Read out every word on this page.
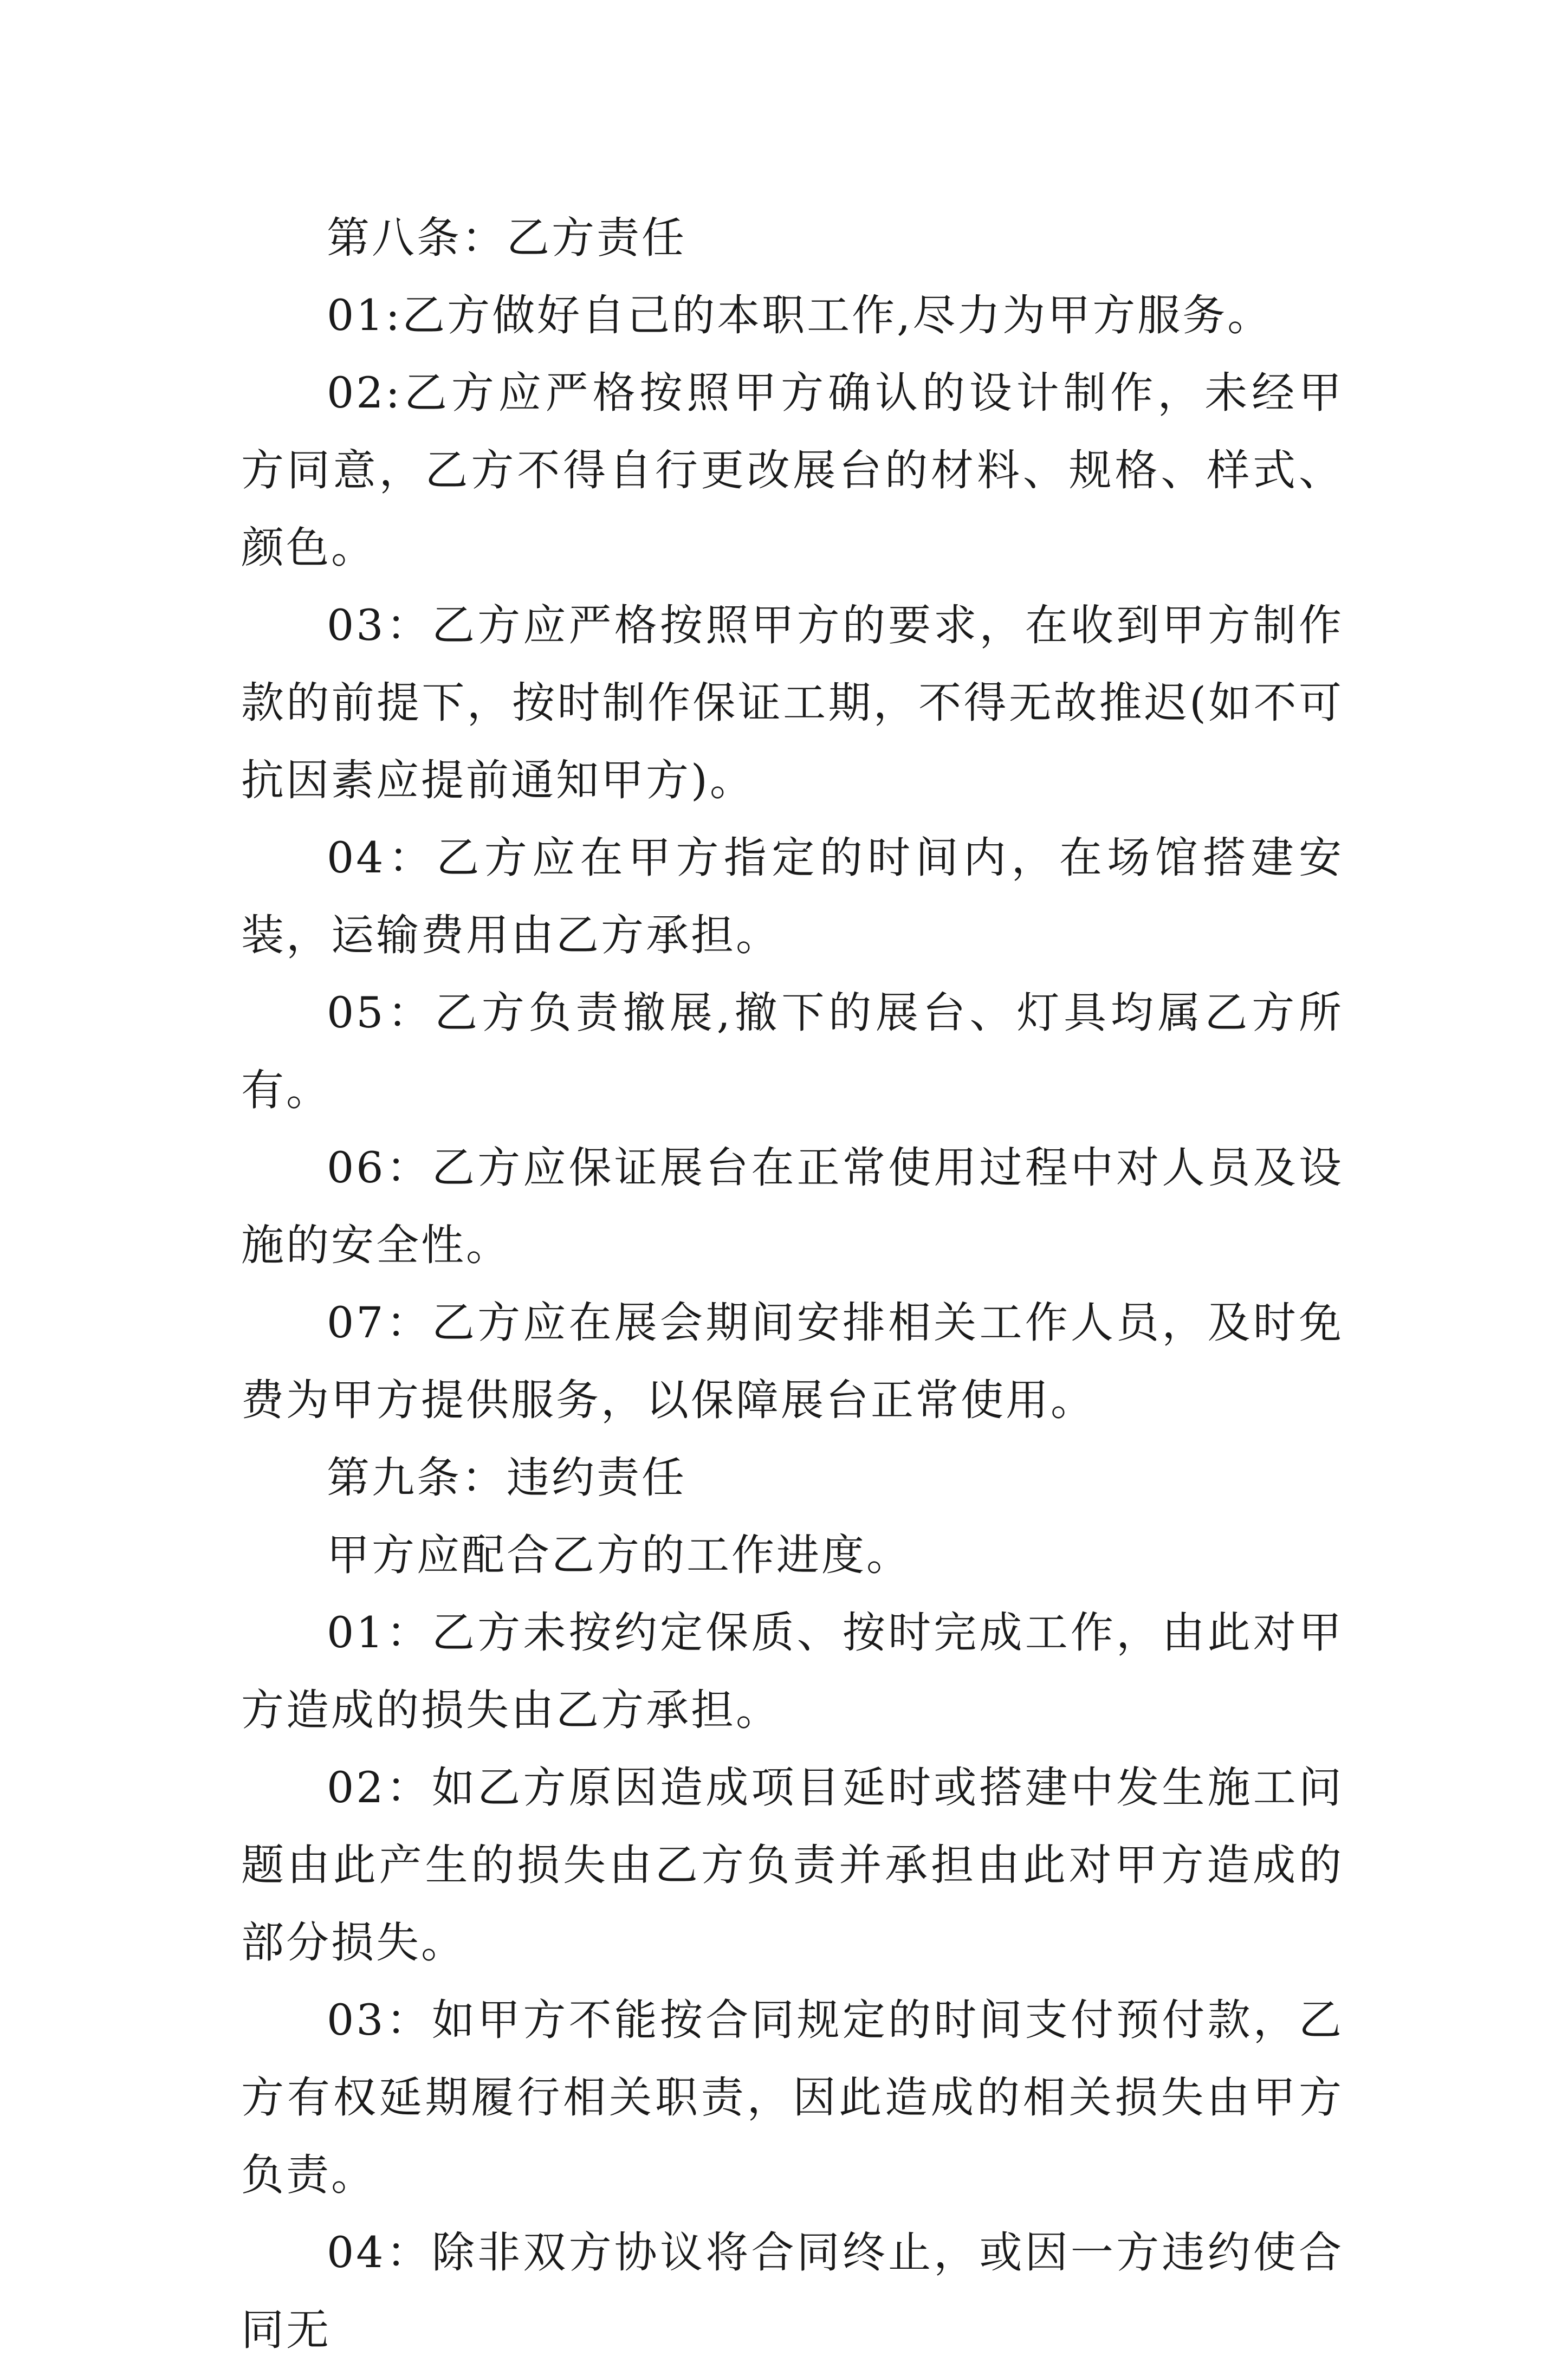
第八条：乙方责任

01:乙方做好自己的本职工作,尽力为甲方服务。

02:乙方应严格按照甲方确认的设计制作，未经甲方同意，乙方不得自行更改展台的材料、规格、样式、颜色。

03：乙方应严格按照甲方的要求，在收到甲方制作款的前提下，按时制作保证工期，不得无故推迟(如不可抗因素应提前通知甲方)。

04：乙方应在甲方指定的时间内，在场馆搭建安装，运输费用由乙方承担。

05：乙方负责撤展,撤下的展台、灯具均属乙方所有。

06：乙方应保证展台在正常使用过程中对人员及设施的安全性。

07：乙方应在展会期间安排相关工作人员，及时免费为甲方提供服务，以保障展台正常使用。

第九条：违约责任

甲方应配合乙方的工作进度。

01：乙方未按约定保质、按时完成工作，由此对甲方造成的损失由乙方承担。

02：如乙方原因造成项目延时或搭建中发生施工问题由此产生的损失由乙方负责并承担由此对甲方造成的部分损失。

03：如甲方不能按合同规定的时间支付预付款，乙方有权延期履行相关职责，因此造成的相关损失由甲方负责。

04：除非双方协议将合同终止，或因一方违约使合同无
